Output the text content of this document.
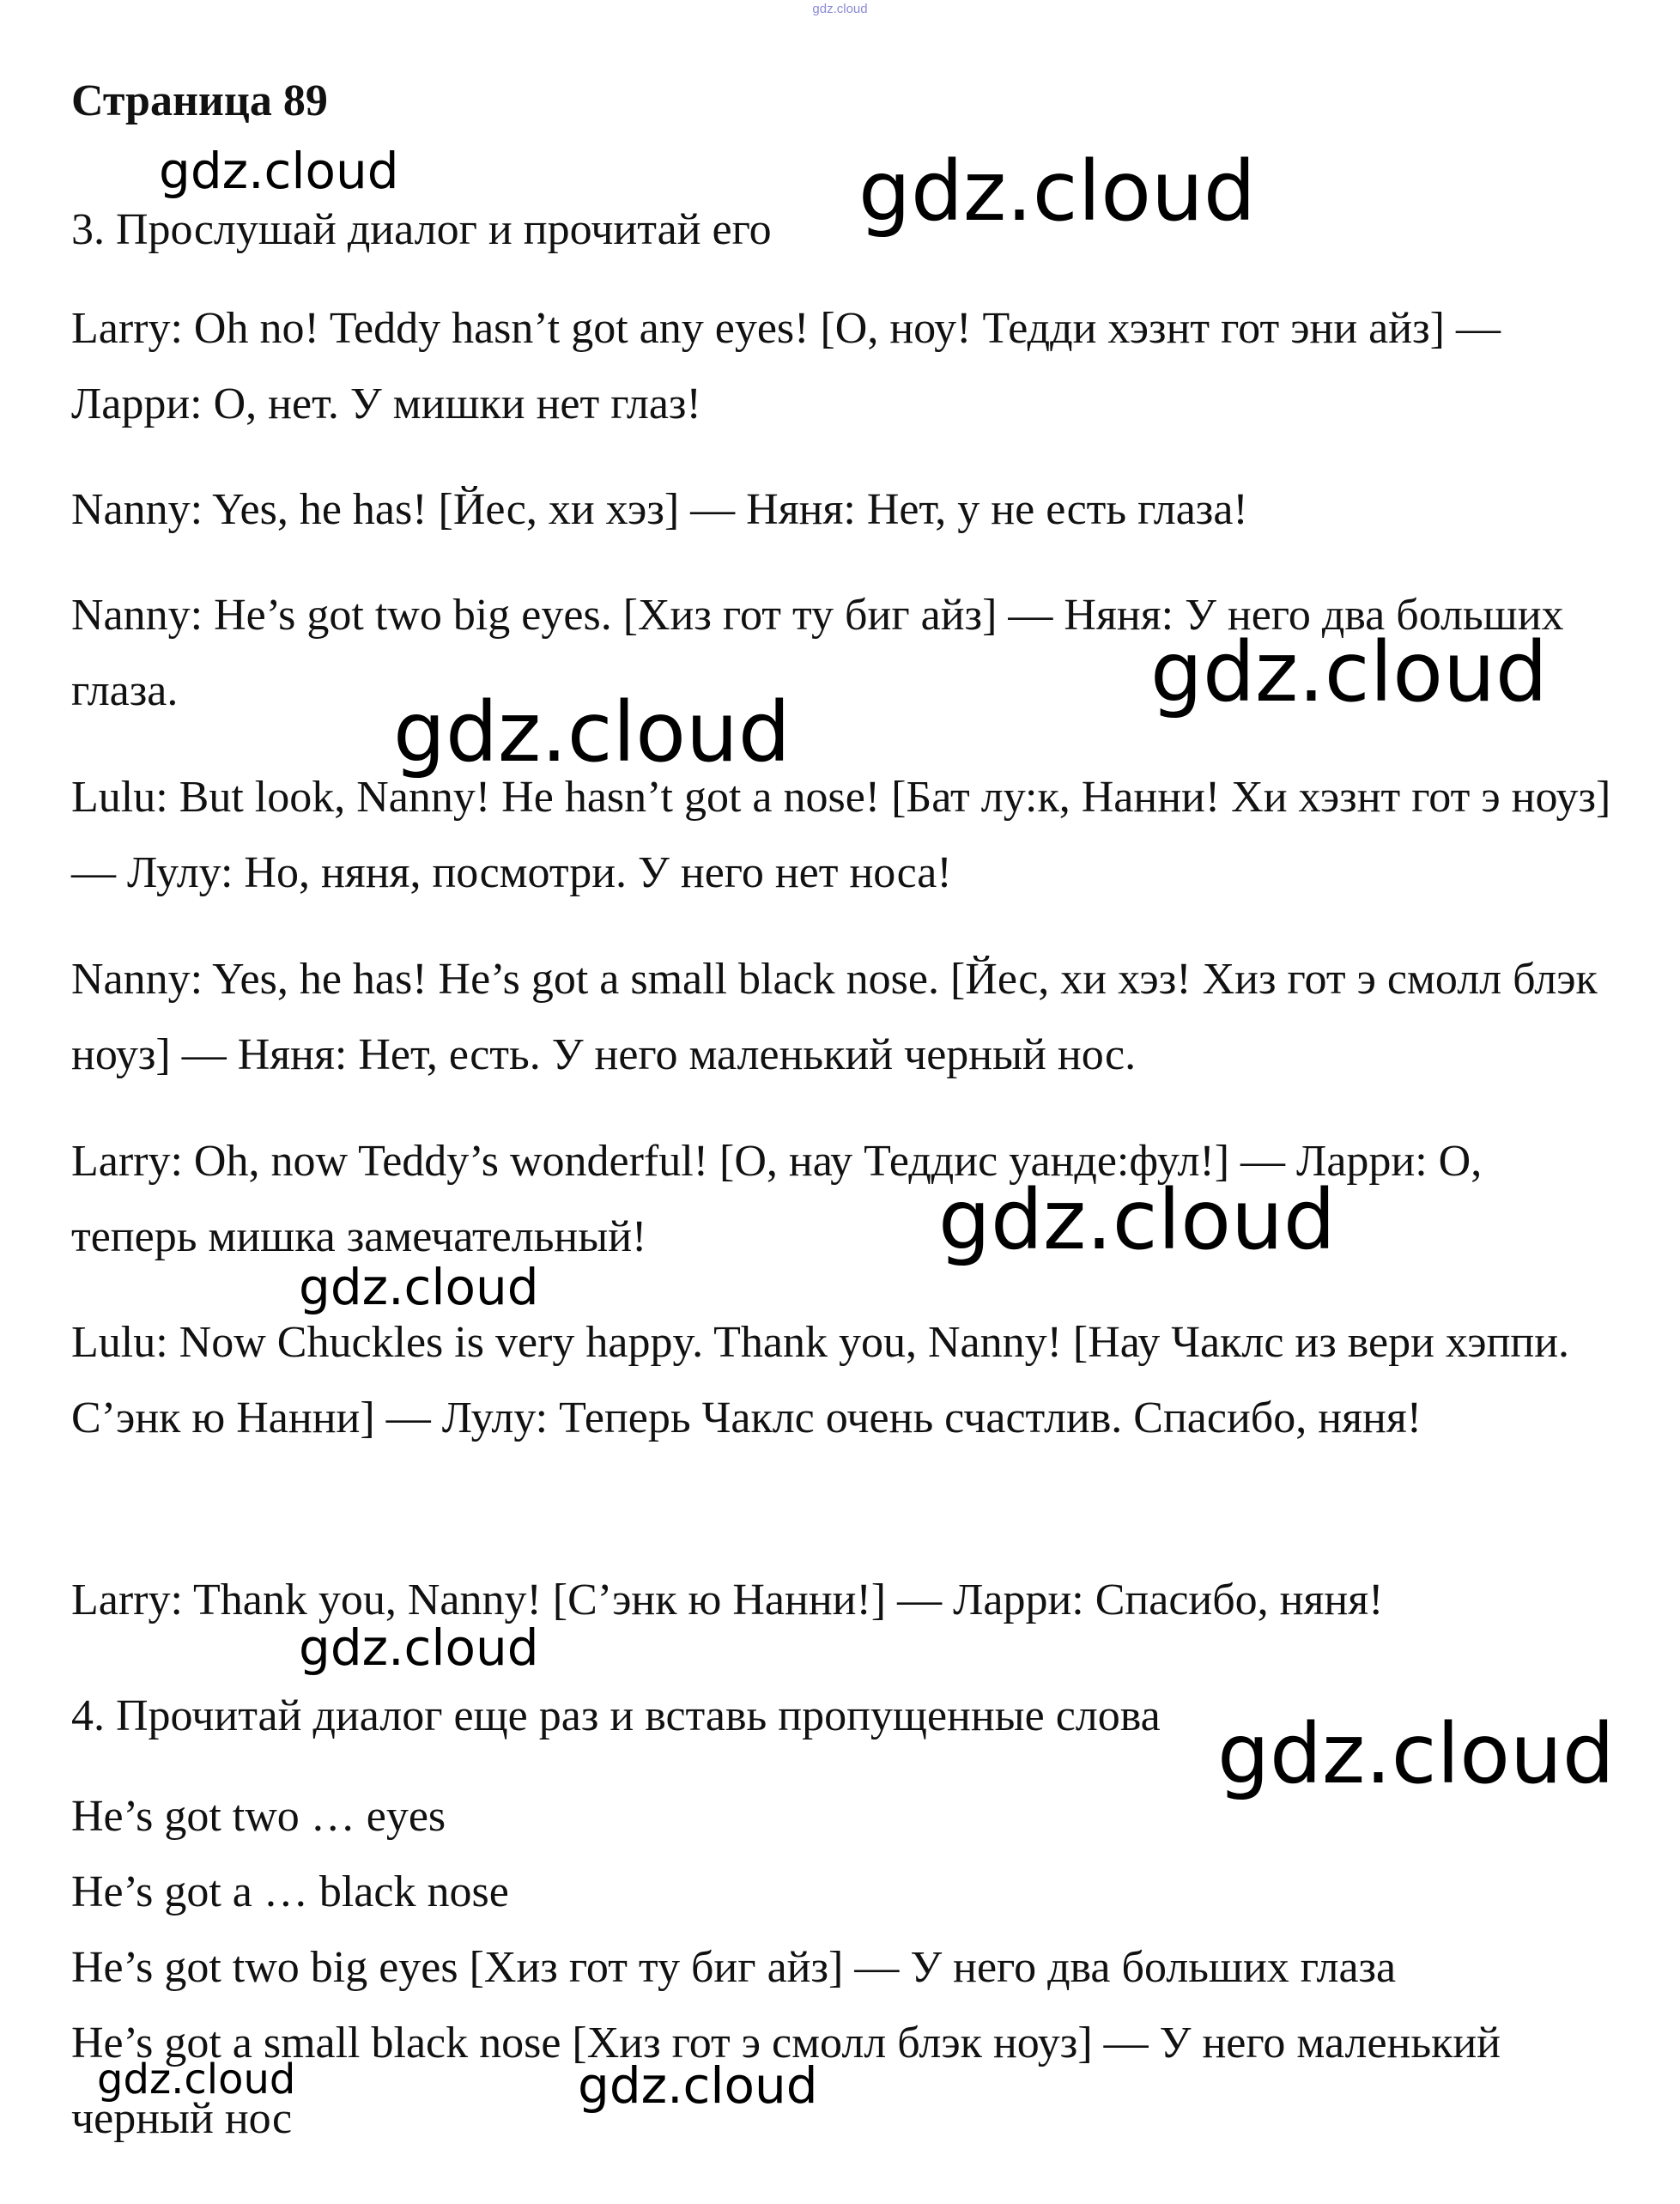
gdz.cloud
Страница 89

3. Прослушай диалог и прочитай его

Larry: Oh no! Teddy hasn’t got any eyes! [О, ноу! Тедди хэзнт гот эни айз] — Ларри: О, нет. У мишки нет глаз!

Nanny: Yes, he has! [Йес, хи хэз] — Няня: Нет, у не есть глаза!

Nanny: He’s got two big eyes. [Хиз гот ту биг айз] — Няня: У него два больших глаза.

Lulu: But look, Nanny! He hasn’t got a nose! [Бат лу:к, Нанни! Хи хэзнт гот э ноуз] — Лулу: Но, няня, посмотри. У него нет носа!

Nanny: Yes, he has! He’s got a small black nose. [Йес, хи хэз! Хиз гот э смолл блэк ноуз] — Няня: Нет, есть. У него маленький черный нос.

Larry: Oh, now Teddy’s wonderful! [О, нау Теддис уанде:фул!] — Ларри: О, теперь мишка замечательный!

Lulu: Now Chuckles is very happy. Thank you, Nanny! [Нау Чаклс из вери хэппи. С’энк ю Нанни] — Лулу: Теперь Чаклс очень счастлив. Спасибо, няня!

Larry: Thank you, Nanny! [С’энк ю Нанни!] — Ларри: Спасибо, няня!

4. Прочитай диалог еще раз и вставь пропущенные слова

He’s got two … eyes

He’s got a … black nose

He’s got two big eyes [Хиз гот ту биг айз] — У него два больших глаза

He’s got a small black nose [Хиз гот э смолл блэк ноуз] — У него маленький черный нос

gdz.cloud	gdz.cloud
gdz.cloud
gdz.cloud
gdz.cloud
gdz.cloud
gdz.cloud
gdz.cloud
gdz.cloud	gdz.cloud
